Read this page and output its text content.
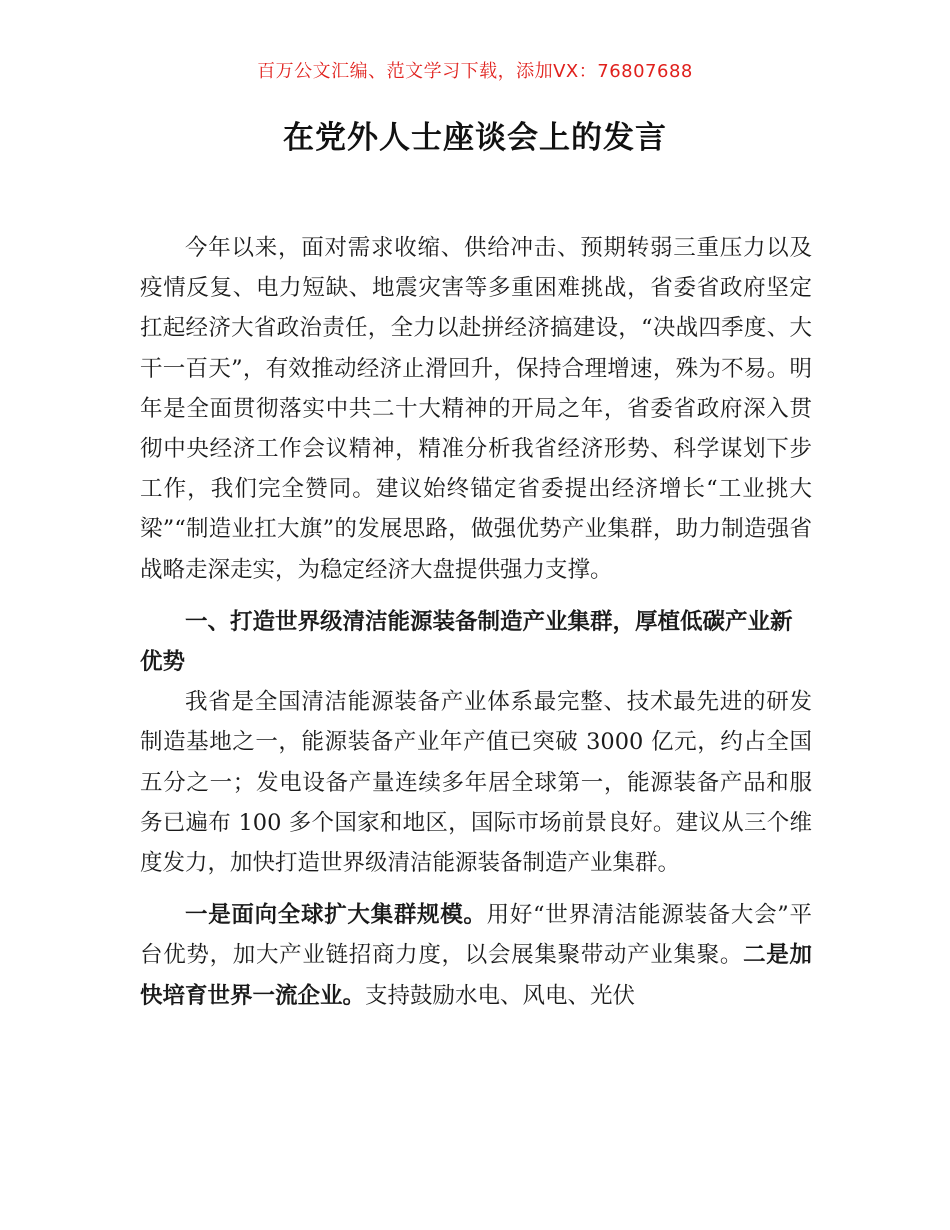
百万公文汇编、范文学习下载，添加VX：76807688
在党外人士座谈会上的发言

今年以来，面对需求收缩、供给冲击、预期转弱三重压力以及疫情反复、电力短缺、地震灾害等多重困难挑战，省委省政府坚定扛起经济大省政治责任，全力以赴拼经济搞建设，“决战四季度、大干一百天”，有效推动经济止滑回升，保持合理增速，殊为不易。明年是全面贯彻落实中共二十大精神的开局之年，省委省政府深入贯彻中央经济工作会议精神，精准分析我省经济形势、科学谋划下步工作，我们完全赞同。建议始终锚定省委提出经济增长“工业挑大梁”“制造业扛大旗”的发展思路，做强优势产业集群，助力制造强省战略走深走实，为稳定经济大盘提供强力支撑。

一、打造世界级清洁能源装备制造产业集群，厚植低碳产业新优势

我省是全国清洁能源装备产业体系最完整、技术最先进的研发制造基地之一，能源装备产业年产值已突破 3000 亿元，约占全国五分之一；发电设备产量连续多年居全球第一，能源装备产品和服务已遍布 100 多个国家和地区，国际市场前景良好。建议从三个维度发力，加快打造世界级清洁能源装备制造产业集群。

一是面向全球扩大集群规模。用好“世界清洁能源装备大会”平台优势，加大产业链招商力度，以会展集聚带动产业集聚。二是加快培育世界一流企业。支持鼓励水电、风电、光伏
